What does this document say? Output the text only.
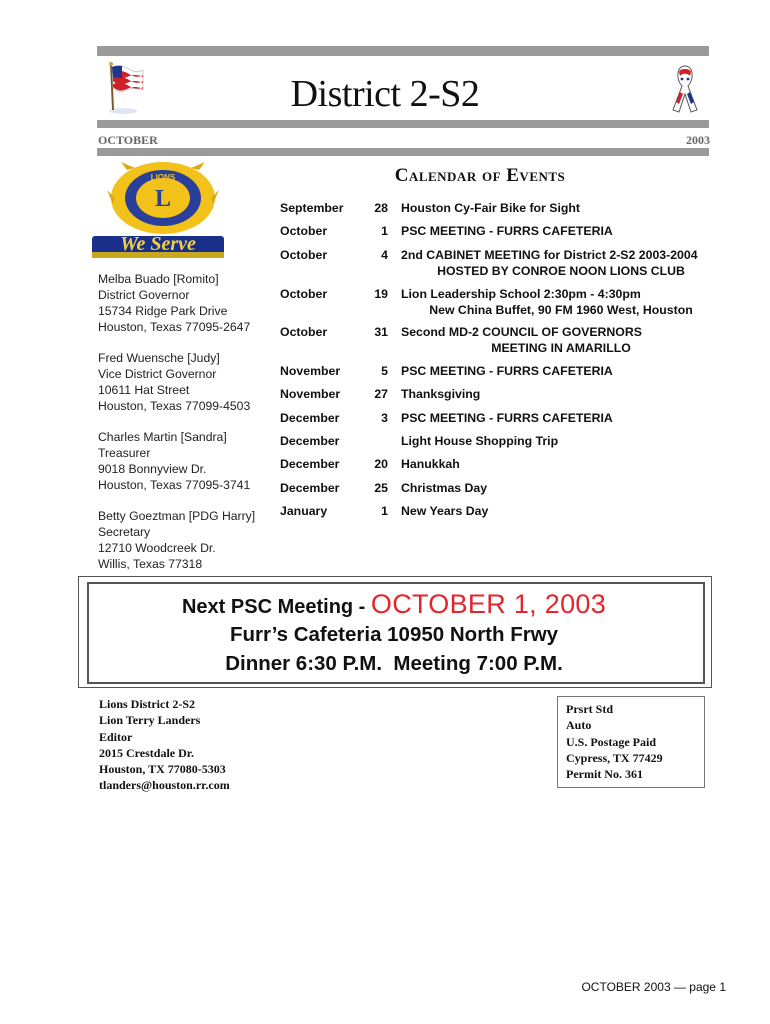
District 2-S2
OCTOBER	2003
L
LIONS
We Serve
Calendar of Events
Melba Buado [Romito]
District Governor
15734 Ridge Park Drive
Houston, Texas 77095-2647
Fred Wuensche [Judy]
Vice District Governor
10611 Hat Street
Houston, Texas 77099-4503
Charles Martin [Sandra]
Treasurer
9018 Bonnyview Dr.
Houston, Texas 77095-3741
Betty Goeztman [PDG Harry]
Secretary
12710 Woodcreek Dr.
Willis, Texas 77318
September	28 Houston Cy-Fair Bike for Sight
October	1 PSC MEETING - FURRS CAFETERIA
October	4 2nd CABINET MEETING for District 2-S2 2003-2004
HOSTED BY CONROE NOON LIONS CLUB
October	19 Lion Leadership School 2:30pm - 4:30pm
New China Buffet, 90 FM 1960 West, Houston
October	31 Second MD-2 COUNCIL OF GOVERNORS
MEETING IN AMARILLO
November	5 PSC MEETING - FURRS CAFETERIA
November	27 Thanksgiving
December	3 PSC MEETING - FURRS CAFETERIA
December	Light House Shopping Trip
December	20 Hanukkah
December	25 Christmas Day
January	1 New Years Day
Next PSC Meeting - OCTOBER 1, 2003
Furr’s Cafeteria 10950 North Frwy
Dinner 6:30 P.M.  Meeting 7:00 P.M.
Lions District 2-S2
Lion Terry Landers
Editor
2015 Crestdale Dr.
Houston, TX 77080-5303
tlanders@houston.rr.com
Prsrt Std
Auto
U.S. Postage Paid
Cypress, TX 77429
Permit No. 361
OCTOBER 2003 — page 1
